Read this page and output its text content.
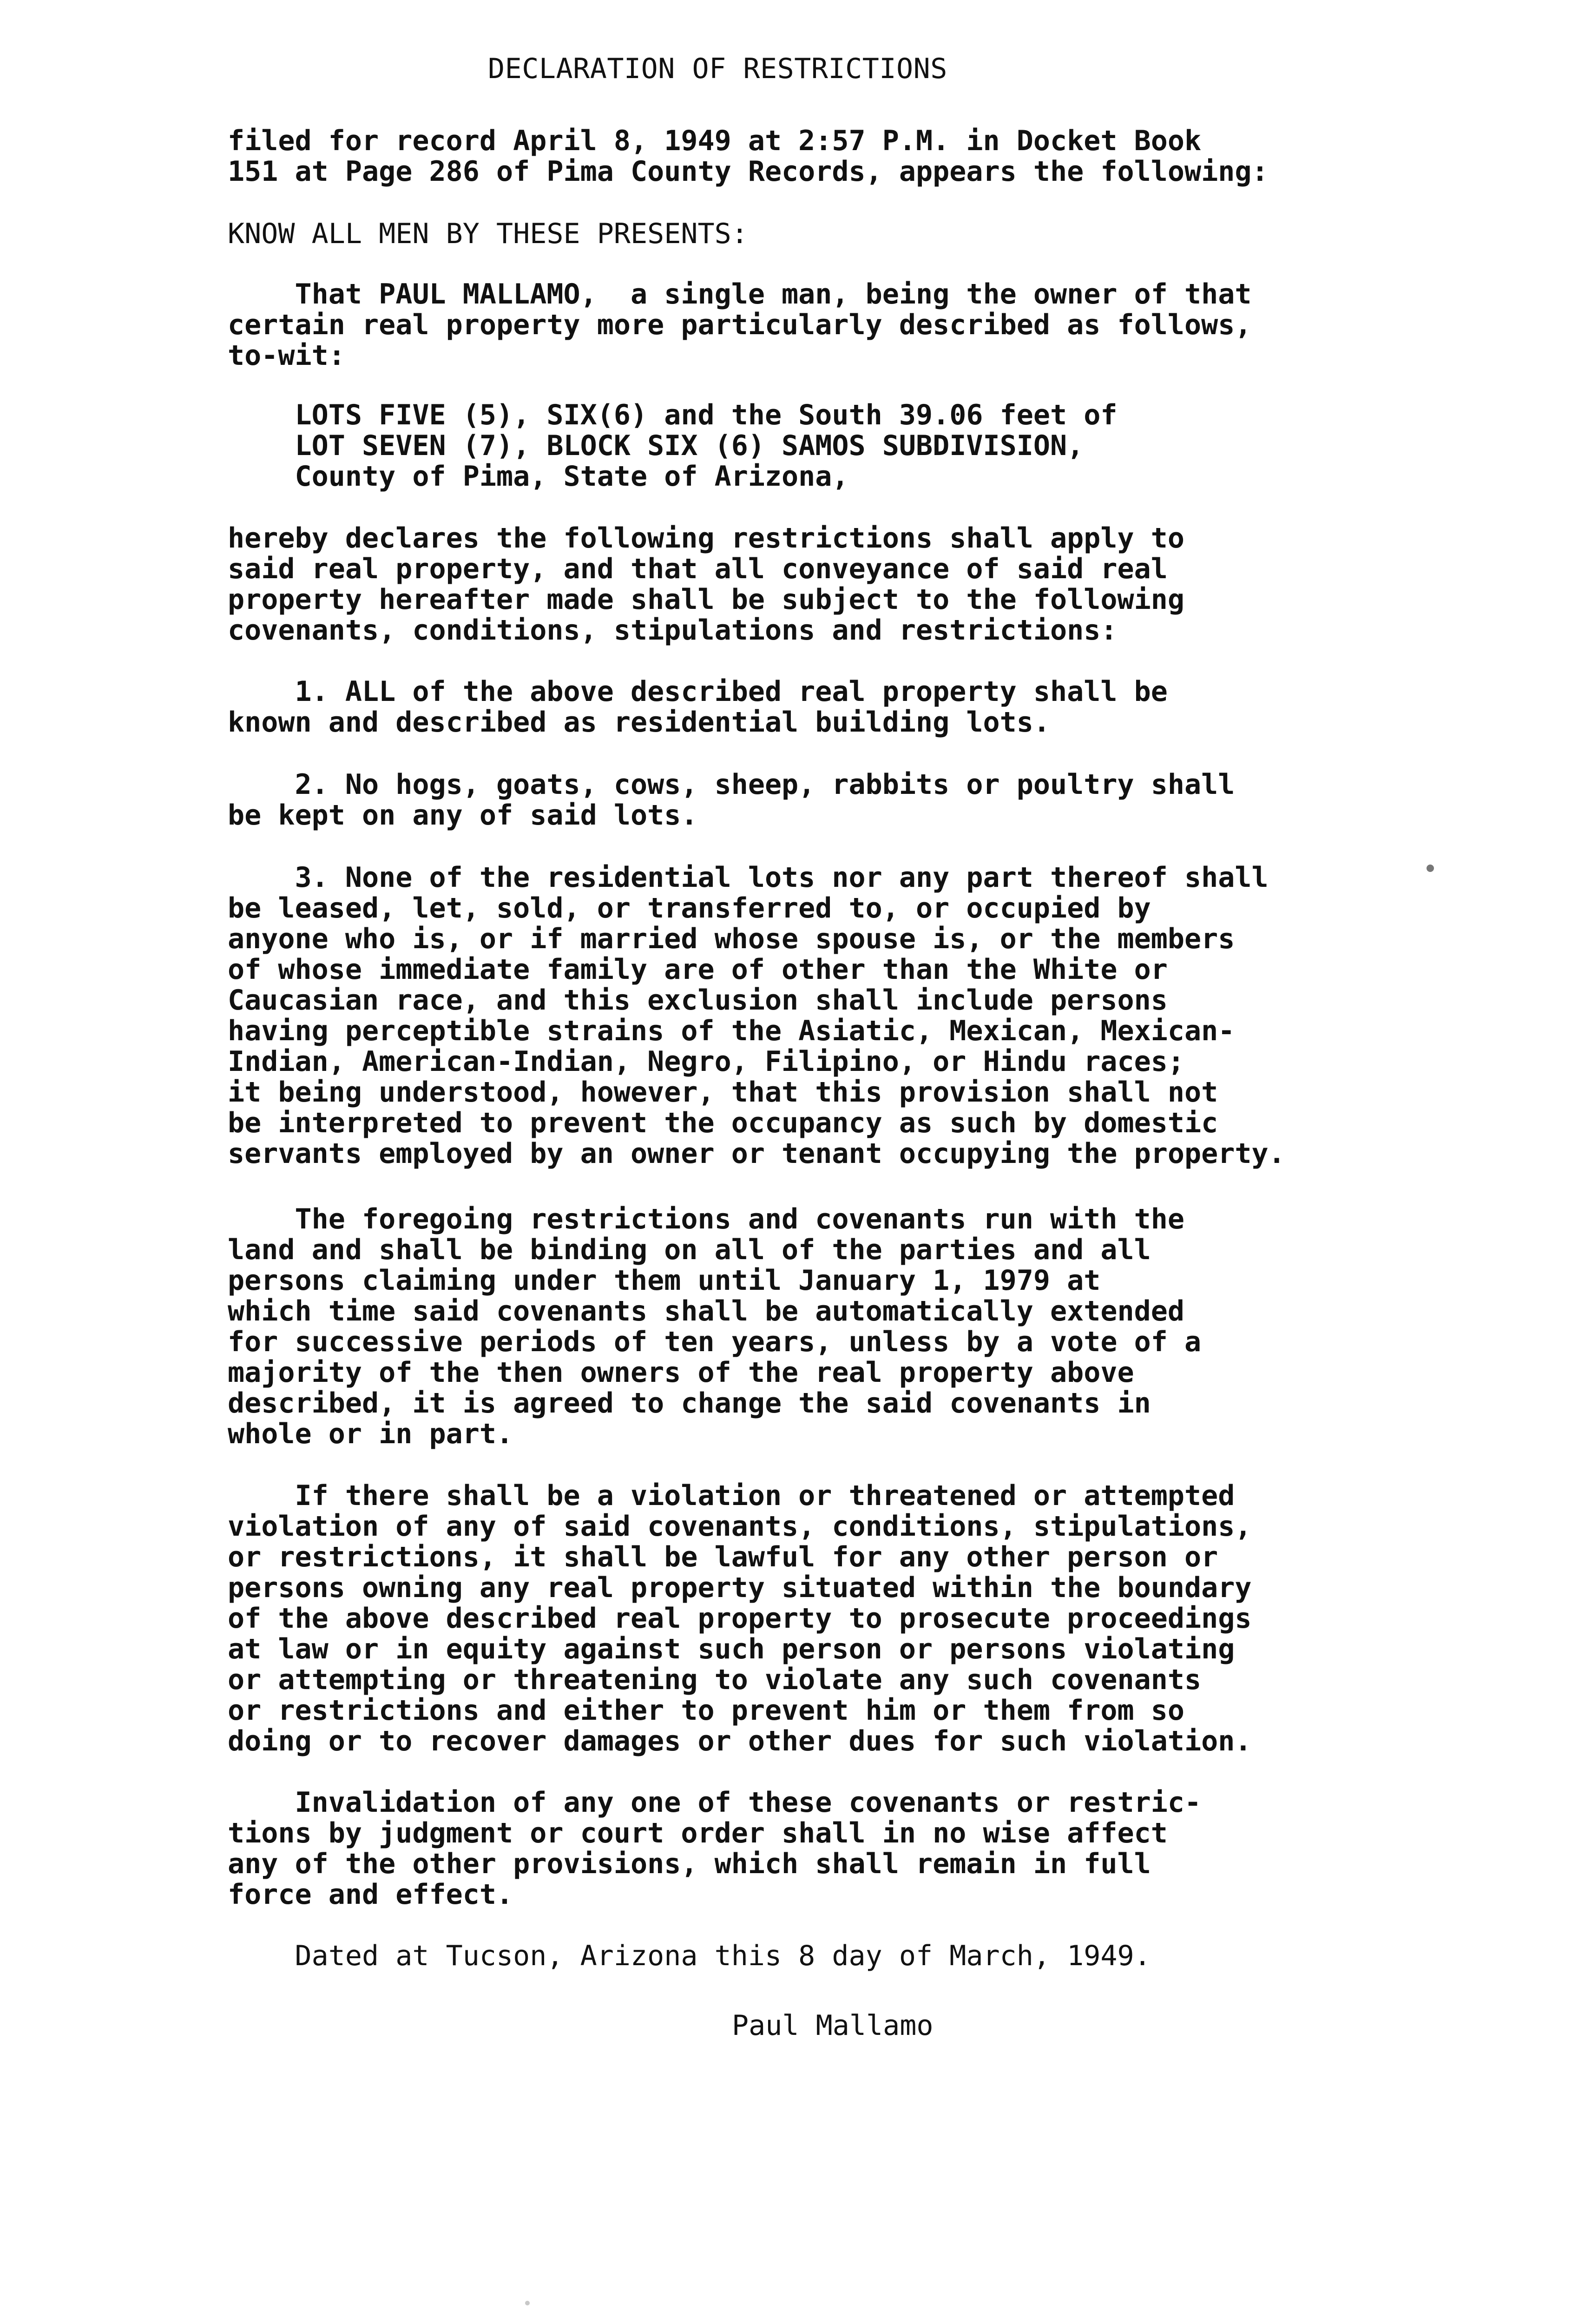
DECLARATION OF RESTRICTIONS
filed for record April 8, 1949 at 2:57 P.M. in Docket Book
151 at Page 286 of Pima County Records, appears the following:
KNOW ALL MEN BY THESE PRESENTS:
That PAUL MALLAMO,  a single man, being the owner of that
certain real property more particularly described as follows,
to-wit:
LOTS FIVE (5), SIX(6) and the South 39.06 feet of
LOT SEVEN (7), BLOCK SIX (6) SAMOS SUBDIVISION,
County of Pima, State of Arizona,
hereby declares the following restrictions shall apply to
said real property, and that all conveyance of said real
property hereafter made shall be subject to the following
covenants, conditions, stipulations and restrictions:
1. ALL of the above described real property shall be
known and described as residential building lots.
2. No hogs, goats, cows, sheep, rabbits or poultry shall
be kept on any of said lots.
3. None of the residential lots nor any part thereof shall
be leased, let, sold, or transferred to, or occupied by
anyone who is, or if married whose spouse is, or the members
of whose immediate family are of other than the White or
Caucasian race, and this exclusion shall include persons
having perceptible strains of the Asiatic, Mexican, Mexican-
Indian, American-Indian, Negro, Filipino, or Hindu races;
it being understood, however, that this provision shall not
be interpreted to prevent the occupancy as such by domestic
servants employed by an owner or tenant occupying the property.
The foregoing restrictions and covenants run with the
land and shall be binding on all of the parties and all
persons claiming under them until January 1, 1979 at
which time said covenants shall be automatically extended
for successive periods of ten years, unless by a vote of a
majority of the then owners of the real property above
described, it is agreed to change the said covenants in
whole or in part.
If there shall be a violation or threatened or attempted
violation of any of said covenants, conditions, stipulations,
or restrictions, it shall be lawful for any other person or
persons owning any real property situated within the boundary
of the above described real property to prosecute proceedings
at law or in equity against such person or persons violating
or attempting or threatening to violate any such covenants
or restrictions and either to prevent him or them from so
doing or to recover damages or other dues for such violation.
Invalidation of any one of these covenants or restric-
tions by judgment or court order shall in no wise affect
any of the other provisions, which shall remain in full
force and effect.
Dated at Tucson, Arizona this 8 day of March, 1949.
Paul Mallamo
